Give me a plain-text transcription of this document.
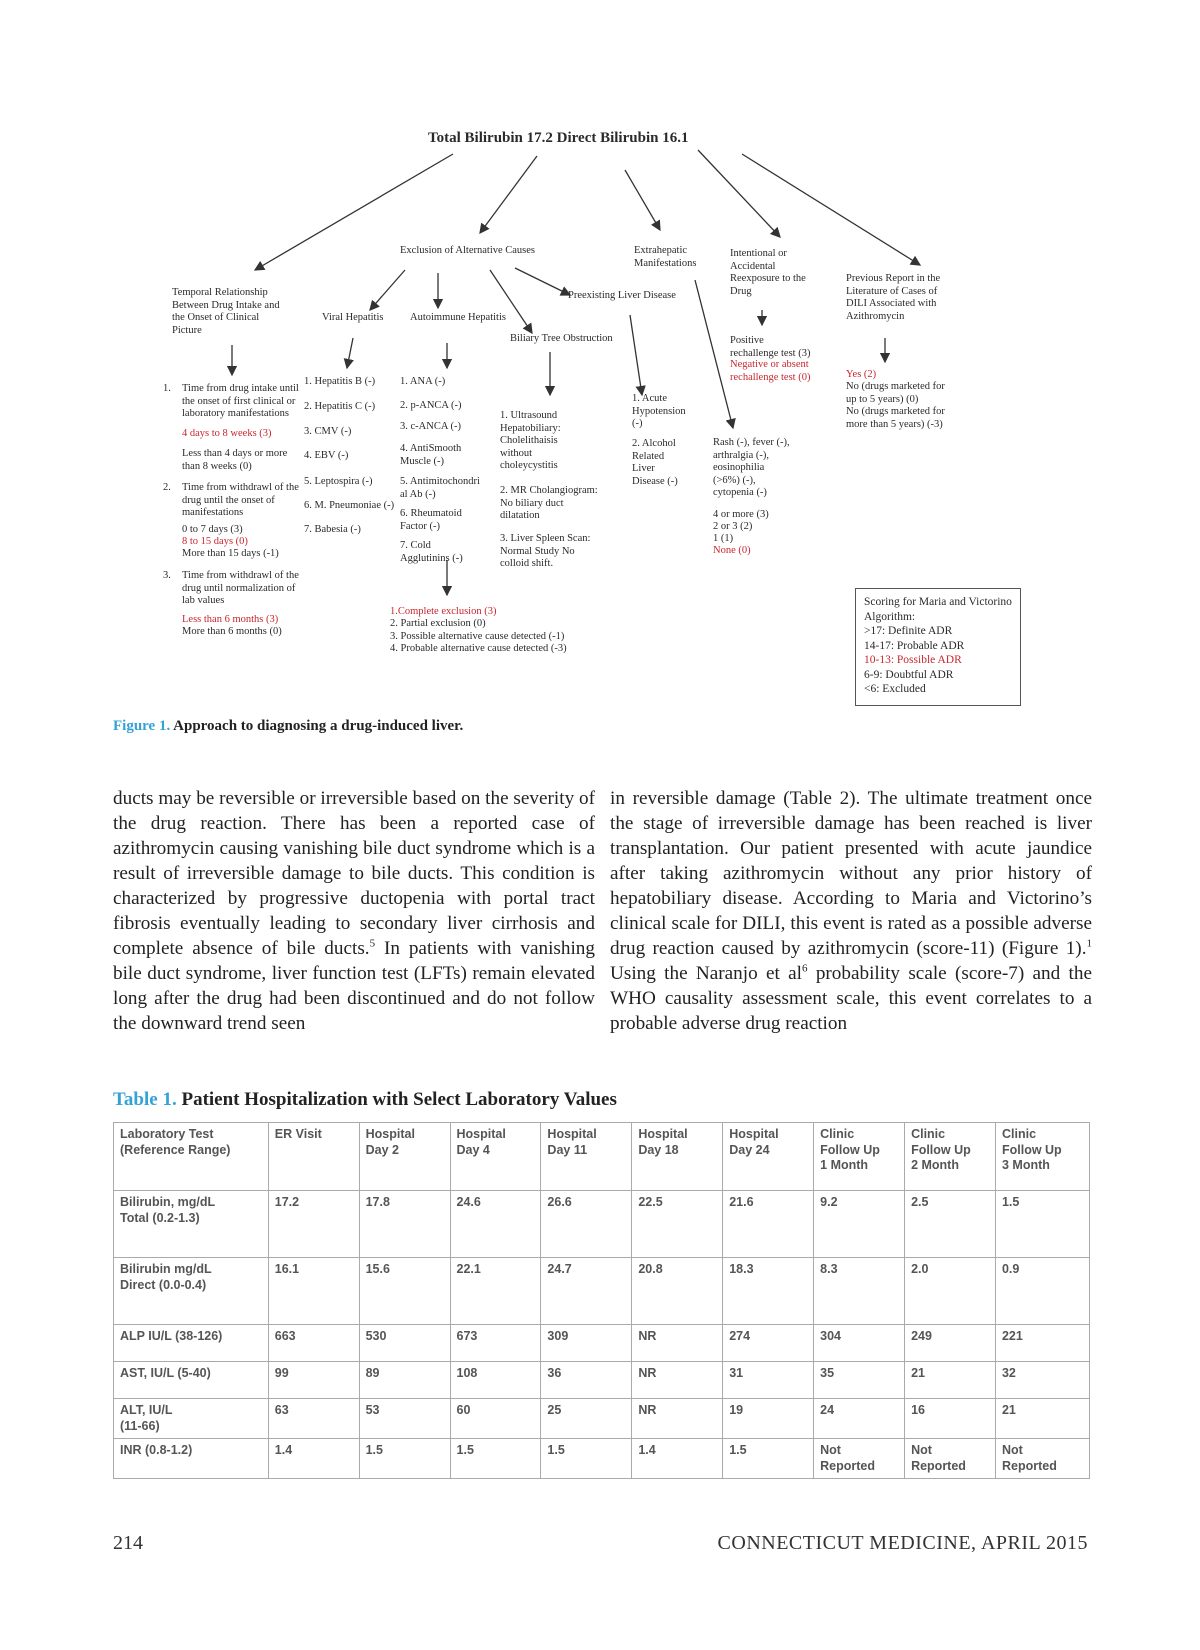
Total Bilirubin 17.2 Direct Bilirubin 16.1
Exclusion of Alternative Causes	Extrahepatic
Manifestations
Intentional or
Accidental
Reexposure to the
Drug
Previous Report in the
Literature of Cases of
DILI Associated with
Azithromycin
Temporal Relationship
Between Drug Intake and
the Onset of Clinical
Picture
Viral Hepatitis	Autoimmune Hepatitis
Preexisting Liver Disease
Biliary Tree Obstruction
1. Time from drug intake until
the onset of first clinical or
laboratory manifestations
4 days to 8 weeks (3)
Less than 4 days or more
than 8 weeks (0)
2. Time from withdrawl of the
drug until the onset of
manifestations
0 to 7 days (3)
8 to 15 days (0)
More than 15 days (-1)
3. Time from withdrawl of the
drug until normalization of
lab values
Less than 6 months (3)
More than 6 months (0)
1. Hepatitis B (-)
2. Hepatitis C (-)
3. CMV (-)
4. EBV (-)
5. Leptospira (-)
6. M. Pneumoniae (-)
7. Babesia (-)
1. ANA (-)
2. p-ANCA (-)
3. c-ANCA (-)
4. AntiSmooth
Muscle (-)
5. Antimitochondri
al Ab (-)
6. Rheumatoid
Factor (-)
7. Cold
Agglutinins (-)
1. Ultrasound
Hepatobiliary:
Cholelithaisis
without
choleycystitis
2. MR Cholangiogram:
No biliary duct
dilatation
3. Liver Spleen Scan:
Normal Study No
colloid shift.
1. Acute
Hypotension
(-)
2. Alcohol
Related
Liver
Disease (-)
Rash (-), fever (-),
arthralgia (-),
eosinophilia
(>6%) (-),
cytopenia (-)
4 or more (3)
2 or 3 (2)
1 (1)
None (0)
Positive
rechallenge test (3)
Negative or absent
rechallenge test (0)	Yes (2)
No (drugs marketed for
up to 5 years) (0)
No (drugs marketed for
more than 5 years) (-3)
1.Complete exclusion (3)
2. Partial exclusion (0)
3. Possible alternative cause detected (-1)
4. Probable alternative cause detected (-3)
Scoring for Maria and Victorino
Algorithm:
>17: Definite ADR
14-17: Probable ADR
10-13: Possible ADR
6-9: Doubtful ADR
<6: Excluded
Figure 1. Approach to diagnosing a drug-induced liver.
ducts may be reversible or irreversible based on the severity of the drug reaction. There has been a reported case of azithromycin causing vanishing bile duct syndrome which is a result of irreversible damage to bile ducts. This condition is characterized by progressive ductopenia with portal tract fibrosis eventually leading to secondary liver cirrhosis and complete absence of bile ducts.$^5$ In patients with vanishing bile duct syndrome, liver function test (LFTs) remain elevated long after the drug had been discontinued and do not follow the downward trend seen
in reversible damage (Table 2). The ultimate treatment once the stage of irreversible damage has been reached is liver transplantation. Our patient presented with acute jaundice after taking azithromycin without any prior history of hepatobiliary disease. According to Maria and Victorino’s clinical scale for DILI, this event is rated as a possible adverse drug reaction caused by azithromycin (score-11) (Figure 1).$^1$ Using the Naranjo et $al^6$ probability scale (score-7) and the WHO causality assessment scale, this event correlates to a probable adverse drug reaction
Table 1. Patient Hospitalization with Select Laboratory Values
Laboratory Test
(Reference Range)	ER Visit	Hospital
Day 2	Hospital
Day 4	Hospital
Day 11	Hospital
Day 18	Hospital
Day 24	Clinic
Follow Up
1 Month	Clinic
Follow Up
2 Month	Clinic
Follow Up
3 Month
Bilirubin, mg/dL
Total (0.2-1.3)	17.2	17.8	24.6	26.6	22.5	21.6	9.2	2.5	1.5
Bilirubin mg/dL
Direct (0.0-0.4)	16.1	15.6	22.1	24.7	20.8	18.3	8.3	2.0	0.9
ALP IU/L (38-126)	663	530	673	309	NR	274	304	249	221
AST, IU/L (5-40)	99	89	108	36	NR	31	35	21	32
ALT, IU/L
(11-66)	63	53	60	25	NR	19	24	16	21
INR (0.8-1.2)	1.4	1.5	1.5	1.5	1.4	1.5	Not
Reported	Not
Reported	Not
Reported
214	CONNECTICUT MEDICINE, APRIL 2015
